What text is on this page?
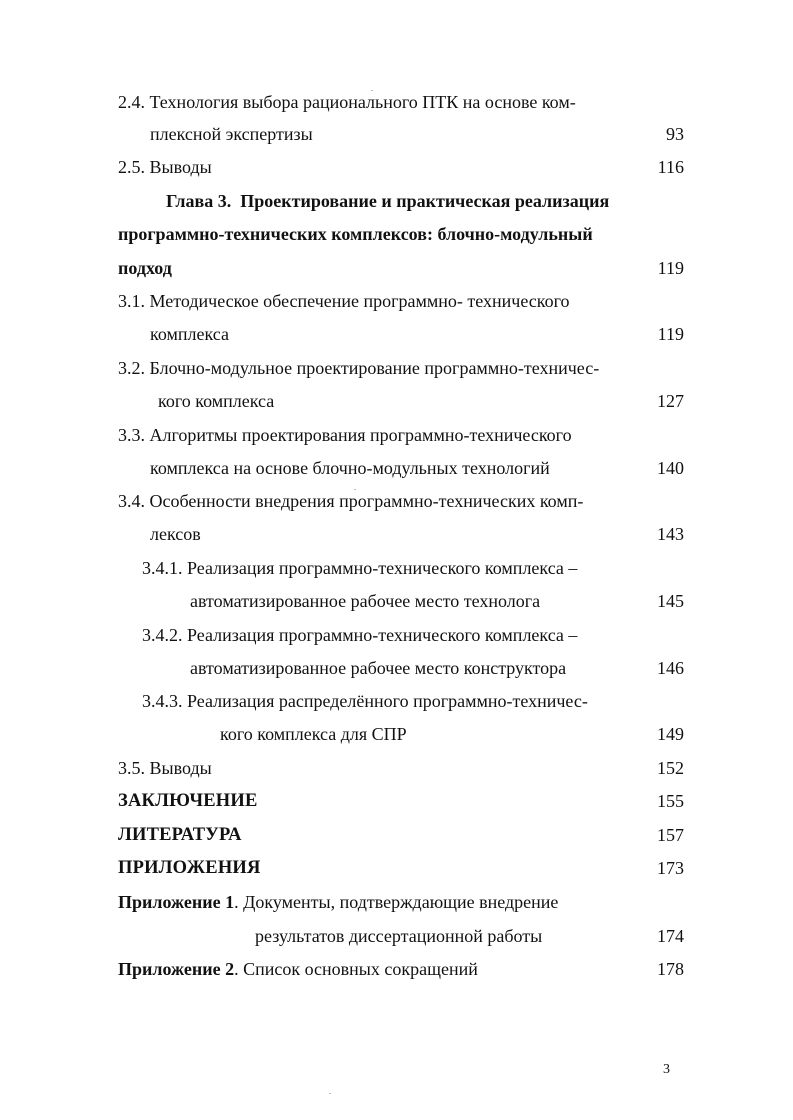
2.4. Технология выбора рационального ПТК на основе ком-
плексной экспертизы	93
2.5. Выводы	116
Глава 3. Проектирование и практическая реализация
программно-технических комплексов: блочно-модульный
подход	119
3.1. Методическое обеспечение программно- технического
комплекса	119
3.2. Блочно-модульное проектирование программно-техничес-
кого комплекса	127
3.3. Алгоритмы проектирования программно-технического
комплекса на основе блочно-модульных технологий	140
3.4. Особенности внедрения программно-технических комп-
лексов	143
3.4.1. Реализация программно-технического комплекса –
автоматизированное рабочее место технолога	145
3.4.2. Реализация программно-технического комплекса –
автоматизированное рабочее место конструктора	146
3.4.3. Реализация распределённого программно-техничес-
кого комплекса для СПР	149
3.5. Выводы	152
ЗАКЛЮЧЕНИЕ	155
ЛИТЕРАТУРА	157
ПРИЛОЖЕНИЯ	173
Приложение 1. Документы, подтверждающие внедрение
результатов диссертационной работы	174
Приложение 2. Список основных сокращений	178
3
